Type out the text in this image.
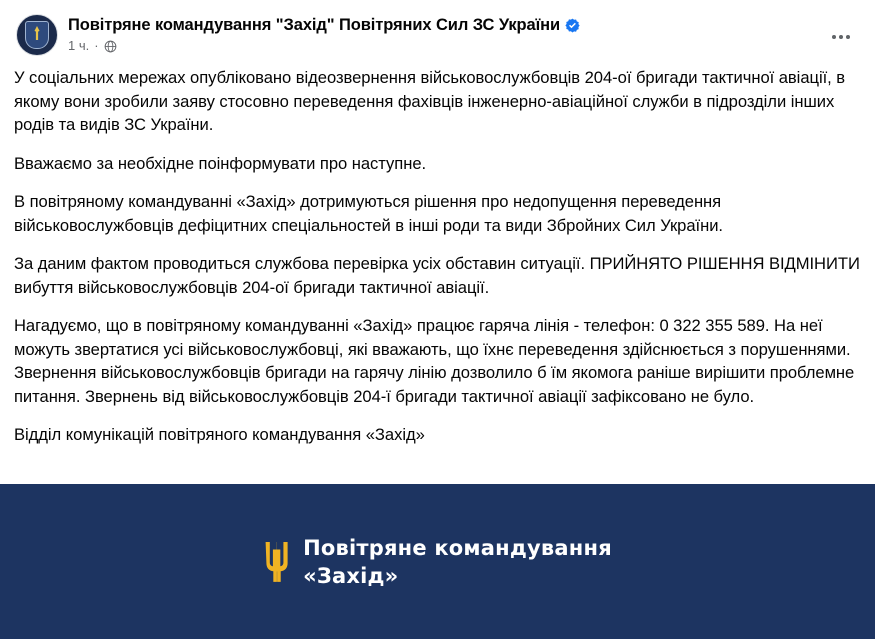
Повітряне командування "Захід" Повітряних Сил ЗС України
1 ч. ·

У соціальних мережах опубліковано відеозвернення військовослужбовців 204-ої бригади тактичної авіації, в якому вони зробили заяву стосовно переведення фахівців інженерно-авіаційної служби в підрозділи інших родів та видів ЗС України.

Вважаємо за необхідне поінформувати про наступне.

В повітряному командуванні «Захід» дотримуються рішення про недопущення переведення військовослужбовців дефіцитних спеціальностей в інші роди та види Збройних Сил України.

За даним фактом проводиться службова перевірка усіх обставин ситуації. ПРИЙНЯТО РІШЕННЯ ВІДМІНИТИ вибуття військовослужбовців 204-ої бригади тактичної авіації.

Нагадуємо, що в повітряному командуванні «Захід» працює гаряча лінія - телефон: 0 322 355 589. На неї можуть звертатися усі військовослужбовці, які вважають, що їхнє переведення здійснюється з порушеннями. Звернення військовослужбовців бригади на гарячу лінію дозволило б їм якомога раніше вирішити проблемне питання. Звернень від військовослужбовців 204-ї бригади тактичної авіації зафіксовано не було.

Відділ комунікацій повітряного командування «Захід»

Повітряне командування
«Захід»
